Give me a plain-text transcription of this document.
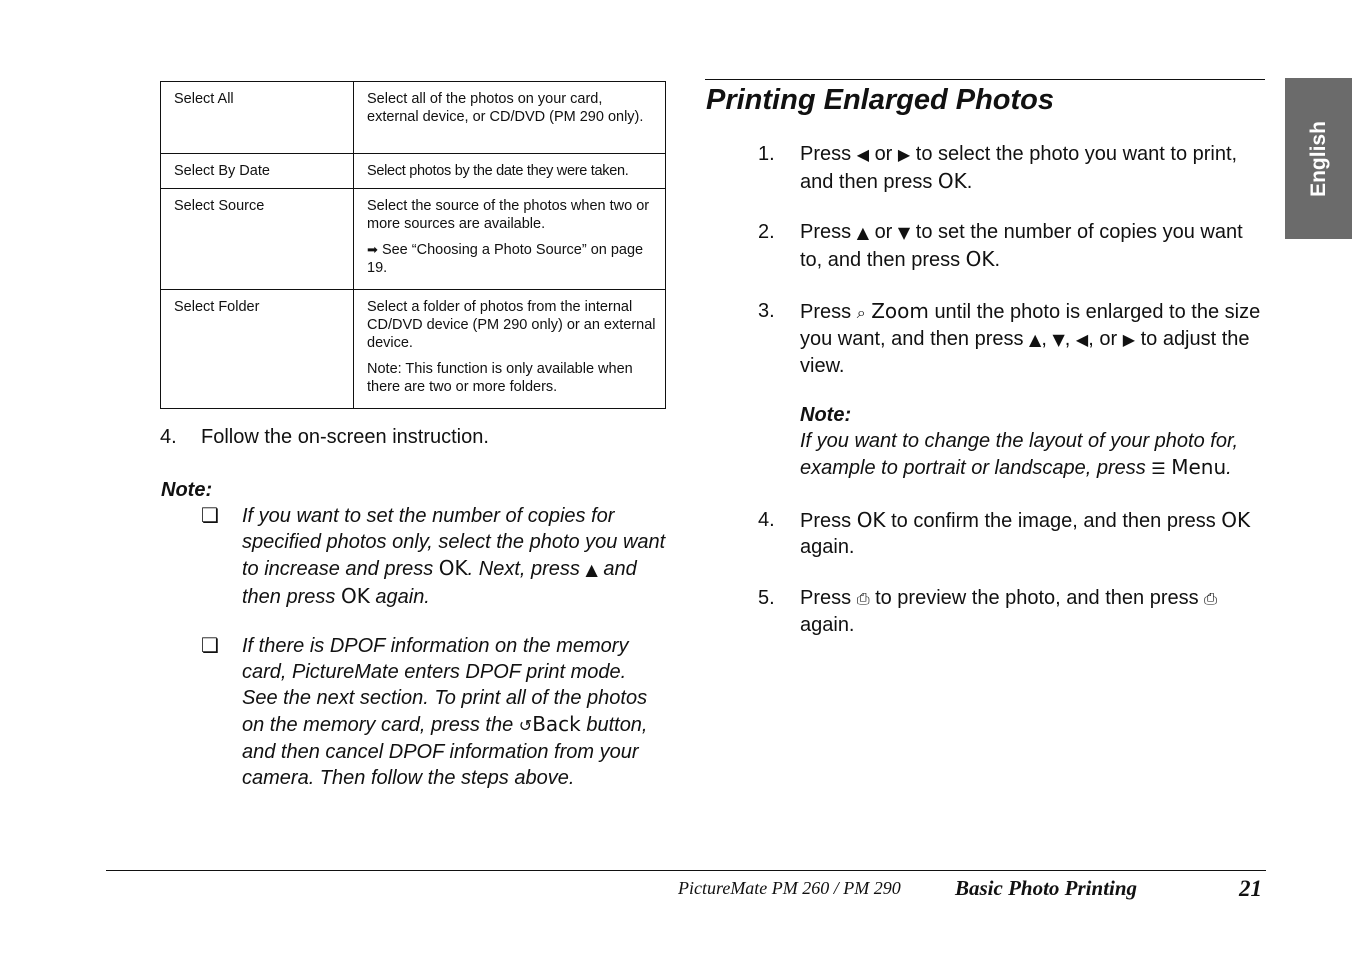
Select All	Select all of the photos on your card, external device, or CD/DVD (PM 290 only).

Select By Date	Select photos by the date they were taken.

Select Source	Select the source of the photos when two or more sources are available.

➡ See “Choosing a Photo Source” on page 19.

Select Folder	Select a folder of photos from the internal CD/DVD device (PM 290 only) or an external device.

Note: This function is only available when there are two or more folders.

4. Follow the on-screen instruction.
Note:
❏ If you want to set the number of copies for specified photos only, select the photo you want to increase and press OK. Next, press ▲ and then press OK again.
❏ If there is DPOF information on the memory card, PictureMate enters DPOF print mode. See the next section. To print all of the photos on the memory card, press the ↺Back button, and then cancel DPOF information from your camera. Then follow the steps above.
Printing Enlarged Photos
1. Press ◀ or ▶ to select the photo you want to print, and then press OK.
2. Press ▲ or ▼ to set the number of copies you want to, and then press OK.
3. Press ⌕ Zoom until the photo is enlarged to the size you want, and then press ▲, ▼, ◀, or ▶ to adjust the view.
Note:
If you want to change the layout of your photo for, example to portrait or landscape, press ☰ Menu.
4. Press OK to confirm the image, and then press OK again.
5. Press ⎙ to preview the photo, and then press ⎙ again.
English
PictureMate PM 260 / PM 290	Basic Photo Printing	21
